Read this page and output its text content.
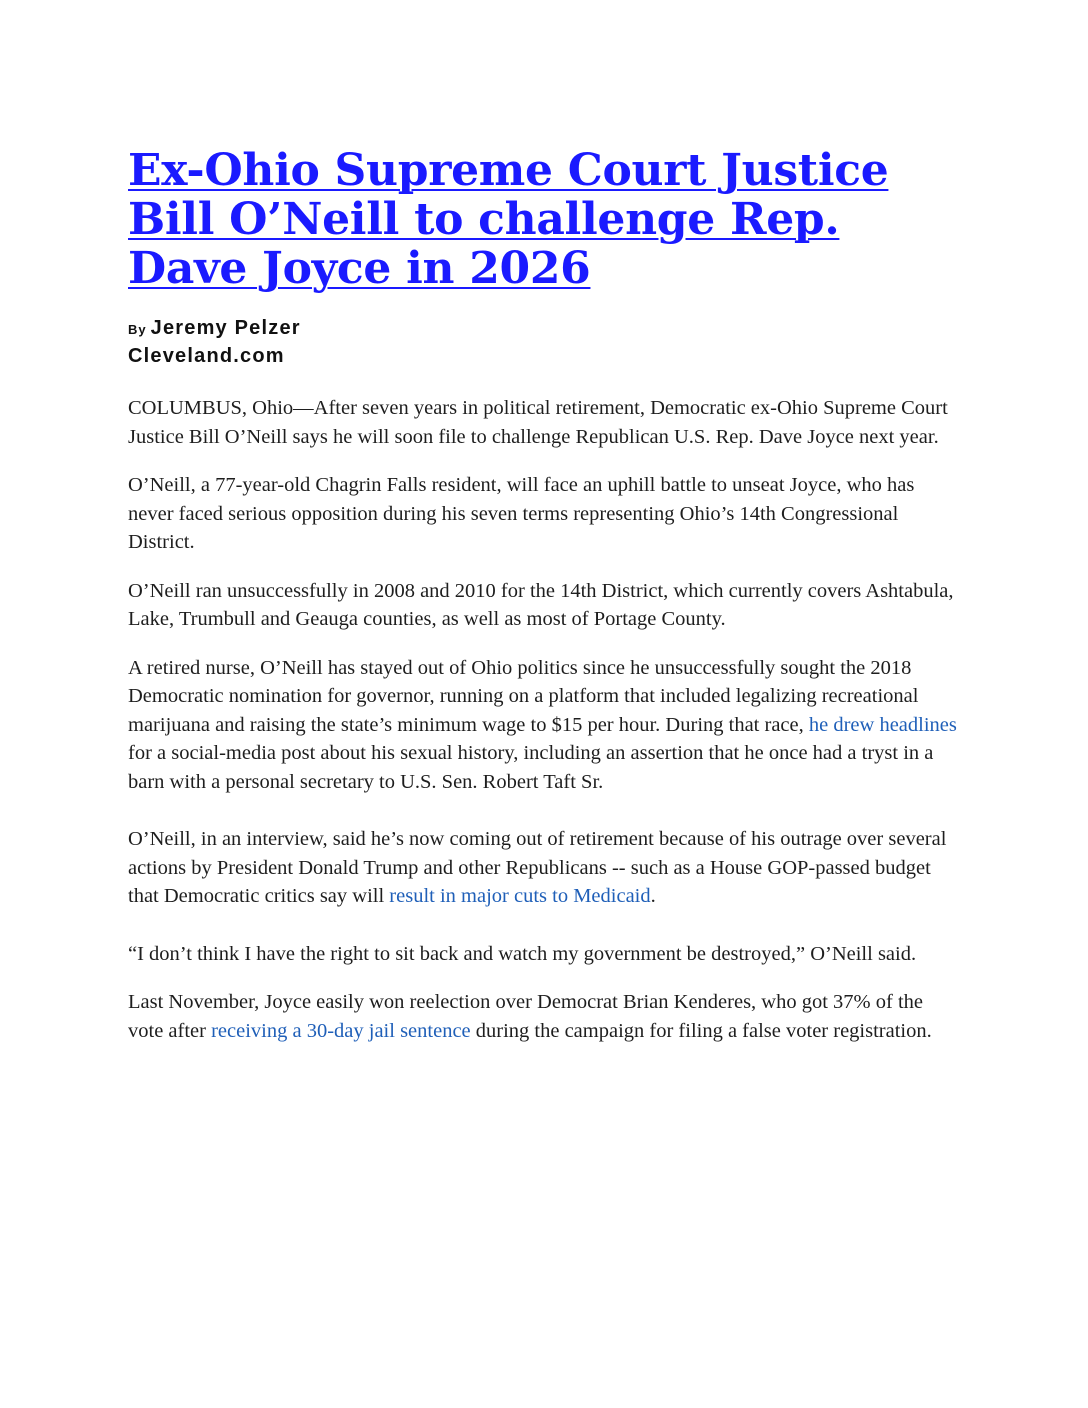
Ex-Ohio Supreme Court Justice Bill O’Neill to challenge Rep. Dave Joyce in 2026
By Jeremy Pelzer
Cleveland.com

COLUMBUS, Ohio—After seven years in political retirement, Democratic ex-Ohio Supreme Court Justice Bill O’Neill says he will soon file to challenge Republican U.S. Rep. Dave Joyce next year.

O’Neill, a 77-year-old Chagrin Falls resident, will face an uphill battle to unseat Joyce, who has never faced serious opposition during his seven terms representing Ohio’s 14th Congressional District.

O’Neill ran unsuccessfully in 2008 and 2010 for the 14th District, which currently covers Ashtabula, Lake, Trumbull and Geauga counties, as well as most of Portage County.

A retired nurse, O’Neill has stayed out of Ohio politics since he unsuccessfully sought the 2018 Democratic nomination for governor, running on a platform that included legalizing recreational marijuana and raising the state’s minimum wage to $15 per hour. During that race, he drew headlines for a social-media post about his sexual history, including an assertion that he once had a tryst in a barn with a personal secretary to U.S. Sen. Robert Taft Sr.

O’Neill, in an interview, said he’s now coming out of retirement because of his outrage over several actions by President Donald Trump and other Republicans -- such as a House GOP-passed budget that Democratic critics say will result in major cuts to Medicaid.

“I don’t think I have the right to sit back and watch my government be destroyed,” O’Neill said.

Last November, Joyce easily won reelection over Democrat Brian Kenderes, who got 37% of the vote after receiving a 30-day jail sentence during the campaign for filing a false voter registration.
